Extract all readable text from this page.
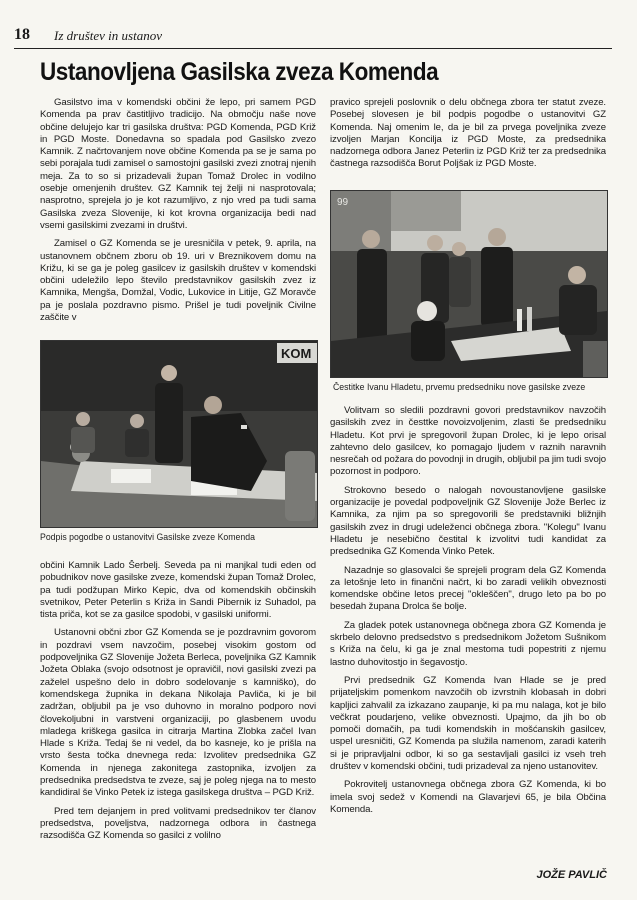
18 Iz društev in ustanov
Ustanovljena Gasilska zveza Komenda

Gasilstvo ima v komendski občini že lepo, pri samem PGD Komenda pa prav častitljivo tradicijo. Na območju naše nove občine delujejo kar tri gasilska društva: PGD Komenda, PGD Križ in PGD Moste. Donedavna so spadala pod Gasilsko zvezo Kamnik. Z načrtovanjem nove občine Komenda pa se je sama po sebi porajala tudi zamisel o samostojni gasilski zvezi znotraj njenih meja. Za to so si prizadevali župan Tomaž Drolec in vodilno osebje omenjenih društev. GZ Kamnik tej želji ni nasprotovala; nasprotno, sprejela jo je kot razumljivo, z njo vred pa tudi sama Gasilska zveza Slovenije, ki kot krovna organizacija bedi nad vsemi gasilskimi zvezami in društvi.

Zamisel o GZ Komenda se je uresničila v petek, 9. aprila, na ustanovnem občnem zboru ob 19. uri v Breznikovem domu na Križu, ki se ga je poleg gasilcev iz gasilskih društev v komendski občini udeležilo lepo število predstavnikov gasilskih zvez iz Kamnika, Mengša, Domžal, Vodic, Lukovice in Litije, GZ Moravče pa je poslala pozdravno pismo. Prišel je tudi poveljnik Civilne zaščite v

pravico sprejeli poslovnik o delu občnega zbora ter statut zveze. Posebej slovesen je bil podpis pogodbe o ustanovitvi GZ Komenda. Naj omenim le, da je bil za prvega poveljnika zveze izvoljen Marjan Koncilja iz PGD Moste, za predsednika nadzornega odbora Janez Peterlin iz PGD Križ ter za predsednika častnega razsodišča Borut Poljšak iz PGD Moste.

KOM
Podpis pogodbe o ustanovitvi Gasilske zveze Komenda
99
Čestitke Ivanu Hladetu, prvemu predsedniku nove gasilske zveze

občini Kamnik Lado Šerbelj. Seveda pa ni manjkal tudi eden od pobudnikov nove gasilske zveze, komendski župan Tomaž Drolec, pa tudi podžupan Mirko Kepic, dva od komendskih občinskih svetnikov, Peter Peterlin s Križa in Sandi Pibernik iz Suhadol, pa tista priča, kot se za gasilce spodobi, v gasilski uniformi.

Ustanovni občni zbor GZ Komenda se je pozdravnim govorom in pozdravi vsem navzočim, posebej visokim gostom od podpoveljnika GZ Slovenije Jožeta Berleca, poveljnika GZ Kamnik Jožeta Oblaka (svojo odsotnost je opravičil, novi gasilski zvezi pa zaželel uspešno delo in dobro sodelovanje s kamniško), do komendskega župnika in dekana Nikolaja Pavliča, ki je bil zadržan, obljubil pa je vso duhovno in moralno podporo novi človekoljubni in varstveni organizaciji, po glasbenem uvodu mladega kriškega gasilca in citrarja Martina Zlobka začel Ivan Hlade s Križa. Tedaj še ni vedel, da bo kasneje, ko je prišla na vrsto šesta točka dnevnega reda: Izvolitev predsednika GZ Komenda in njenega zakonitega zastopnika, izvoljen za predsednika predsedstva te zveze, saj je poleg njega na to mesto kandidiral še Vinko Petek iz istega gasilskega društva – PGD Križ.

Pred tem dejanjem in pred volitvami predsednikov ter članov predsedstva, poveljstva, nadzornega odbora in častnega razsodišča GZ Komenda so gasilci z volilno

Volitvam so sledili pozdravni govori predstavnikov navzočih gasilskih zvez in česttke novoizvoljenim, zlasti še predsedniku Hladetu. Kot prvi je spregovoril župan Drolec, ki je lepo orisal zahtevno delo gasilcev, ko pomagajo ljudem v raznih naravnih nesrečah od požara do povodnji in drugih, obljubil pa jim tudi svojo pozornost in podporo.

Strokovno besedo o nalogah novoustanovljene gasilske organizacije je povedal podpoveljnik GZ Slovenije Jože Berlec iz Kamnika, za njim pa so spregovorili še predstavniki bližnjih gasilskih zvez in drugi udeleženci občnega zbora. "Kolegu" Ivanu Hladetu je nesebično čestital k izvolitvi tudi kandidat za predsednika GZ Komenda Vinko Petek.

Nazadnje so glasovalci še sprejeli program dela GZ Komenda za letošnje leto in finančni načrt, ki bo zaradi velikih obveznosti komendske občine letos precej "okleščen", drugo leto pa bo po besedah župana Drolca še bolje.

Za gladek potek ustanovnega občnega zbora GZ Komenda je skrbelo delovno predsedstvo s predsednikom Jožetom Sušnikom s Križa na čelu, ki ga je znal mestoma tudi popestriti z njemu lastno duhovitostjo in šegavostjo.

Prvi predsednik GZ Komenda Ivan Hlade se je pred prijateljskim pomenkom navzočih ob izvrstnih klobasah in dobri kapljici zahvalil za izkazano zaupanje, ki pa mu nalaga, kot je bilo večkrat poudarjeno, velike obveznosti. Upajmo, da jih bo ob pomoči domačih, pa tudi komendskih in mošćanskih gasilcev, uspel uresničiti, GZ Komenda pa služila namenom, zaradi katerih si je pripravljalni odbor, ki so ga sestavljali gasilci iz vseh treh društev v komendski občini, tudi prizadeval za njeno ustanovitev.

Pokrovitelj ustanovnega občnega zbora GZ Komenda, ki bo imela svoj sedež v Komendi na Glavarjevi 65, je bila Občina Komenda.

JOŽE PAVLIČ
